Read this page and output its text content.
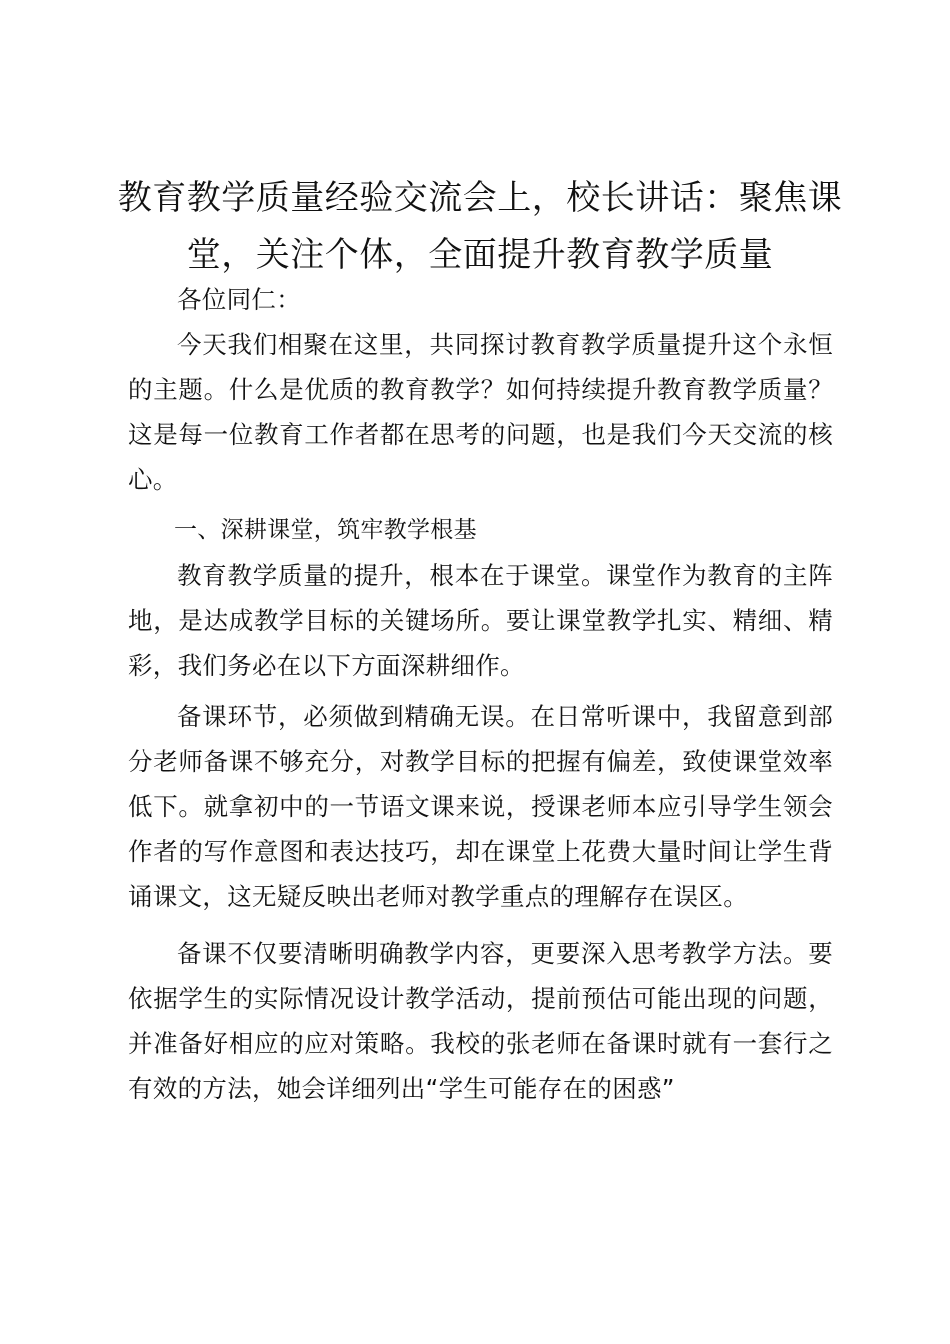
教育教学质量经验交流会上，校长讲话：聚焦课堂，关注个体，全面提升教育教学质量

各位同仁：

今天我们相聚在这里，共同探讨教育教学质量提升这个永恒的主题。什么是优质的教育教学？如何持续提升教育教学质量？这是每一位教育工作者都在思考的问题，也是我们今天交流的核心。

一、深耕课堂，筑牢教学根基

教育教学质量的提升，根本在于课堂。课堂作为教育的主阵地，是达成教学目标的关键场所。要让课堂教学扎实、精细、精彩，我们务必在以下方面深耕细作。

备课环节，必须做到精确无误。在日常听课中，我留意到部分老师备课不够充分，对教学目标的把握有偏差，致使课堂效率低下。就拿初中的一节语文课来说，授课老师本应引导学生领会作者的写作意图和表达技巧，却在课堂上花费大量时间让学生背诵课文，这无疑反映出老师对教学重点的理解存在误区。

备课不仅要清晰明确教学内容，更要深入思考教学方法。要依据学生的实际情况设计教学活动，提前预估可能出现的问题，并准备好相应的应对策略。我校的张老师在备课时就有一套行之有效的方法，她会详细列出“学生可能存在的困惑”
